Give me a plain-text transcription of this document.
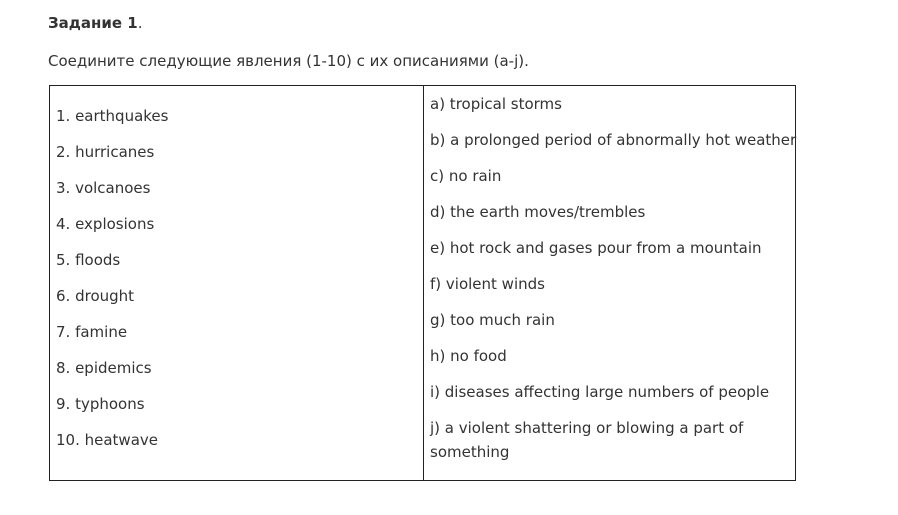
Задание 1.
Соедините следующие явления (1-10) с их описаниями (a-j).
1. earthquakes
2. hurricanes
3. volcanoes
4. explosions
5. floods
6. drought
7. famine
8. epidemics
9. typhoons
10. heatwave
a) tropical storms
b) a prolonged period of abnormally hot weather
c) no rain
d) the earth moves/trembles
e) hot rock and gases pour from a mountain
f) violent winds
g) too much rain
h) no food
i) diseases affecting large numbers of people
j) a violent shattering or blowing a part of something
